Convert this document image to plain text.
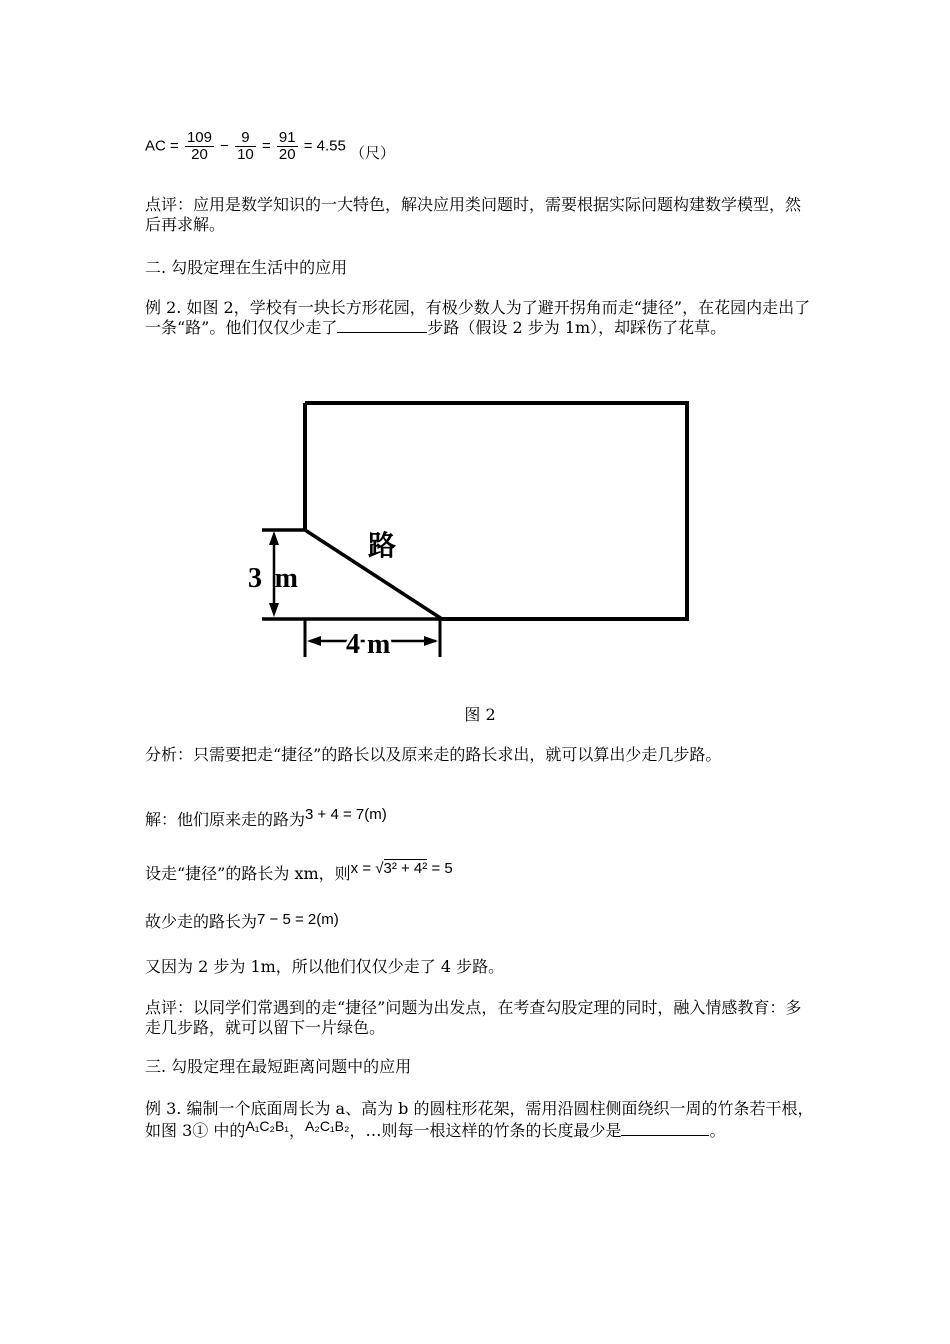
AC = $\frac{109}{20} - \frac{9}{10} = \frac{91}{20} = 4.55$ （尺）
点评：应用是数学知识的一大特色，解决应用类问题时，需要根据实际问题构建数学模型，然后再求解。
二. 勾股定理在生活中的应用
例 2. 如图 2，学校有一块长方形花园，有极少数人为了避开拐角而走“捷径”，在花园内走出了一条“路”。他们仅仅少走了	步路（假设 2 步为 1m），却踩伤了花草。
路
3 m
4 m
图 2
分析：只需要把走“捷径”的路长以及原来走的路长求出，就可以算出少走几步路。
解：他们原来走的路为3 + 4 = 7(m)
设走“捷径”的路长为 xm，则x = √3² + 4² = 5
故少走的路长为7 − 5 = 2(m)
又因为 2 步为 1m，所以他们仅仅少走了 4 步路。
点评：以同学们常遇到的走“捷径”问题为出发点，在考查勾股定理的同时，融入情感教育：多走几步路，就可以留下一片绿色。
三. 勾股定理在最短距离问题中的应用
例 3. 编制一个底面周长为 a、高为 b 的圆柱形花架，需用沿圆柱侧面绕织一周的竹条若干根，如图 3① 中的A₁C₂B₁，A₂C₁B₂，…则每一根这样的竹条的长度最少是	。
